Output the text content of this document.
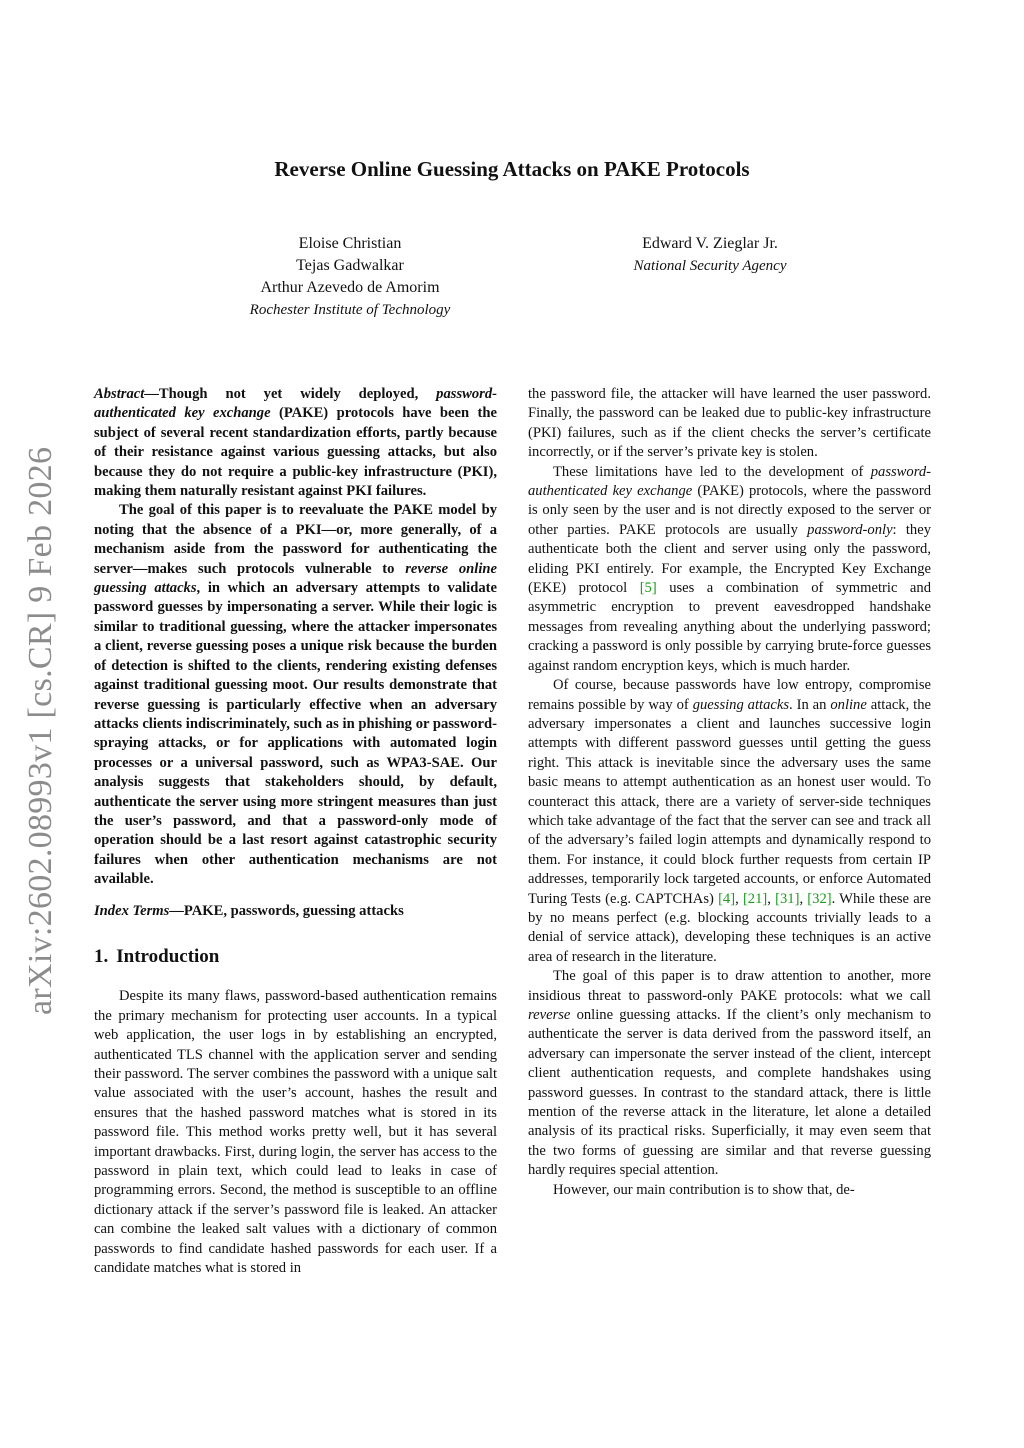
arXiv:2602.08993v1 [cs.CR] 9 Feb 2026
Reverse Online Guessing Attacks on PAKE Protocols
Eloise Christian
Tejas Gadwalkar
Arthur Azevedo de Amorim
Rochester Institute of Technology
Edward V. Zieglar Jr.
National Security Agency

Abstract—Though not yet widely deployed, password-authenticated key exchange (PAKE) protocols have been the subject of several recent standardization efforts, partly because of their resistance against various guessing attacks, but also because they do not require a public-key infrastructure (PKI), making them naturally resistant against PKI failures.

The goal of this paper is to reevaluate the PAKE model by noting that the absence of a PKI—or, more generally, of a mechanism aside from the password for authenticating the server—makes such protocols vulnerable to reverse online guessing attacks, in which an adversary attempts to validate password guesses by impersonating a server. While their logic is similar to traditional guessing, where the attacker impersonates a client, reverse guessing poses a unique risk because the burden of detection is shifted to the clients, rendering existing defenses against traditional guessing moot. Our results demonstrate that reverse guessing is particularly effective when an adversary attacks clients indiscriminately, such as in phishing or password-spraying attacks, or for applications with automated login processes or a universal password, such as WPA3-SAE. Our analysis suggests that stakeholders should, by default, authenticate the server using more stringent measures than just the user’s password, and that a password-only mode of operation should be a last resort against catastrophic security failures when other authentication mechanisms are not available.

Index Terms—PAKE, passwords, guessing attacks

1. Introduction

Despite its many flaws, password-based authentication remains the primary mechanism for protecting user accounts. In a typical web application, the user logs in by establishing an encrypted, authenticated TLS channel with the application server and sending their password. The server combines the password with a unique salt value associated with the user’s account, hashes the result and ensures that the hashed password matches what is stored in its password file. This method works pretty well, but it has several important drawbacks. First, during login, the server has access to the password in plain text, which could lead to leaks in case of programming errors. Second, the method is susceptible to an offline dictionary attack if the server’s password file is leaked. An attacker can combine the leaked salt values with a dictionary of common passwords to find candidate hashed passwords for each user. If a candidate matches what is stored in

the password file, the attacker will have learned the user password. Finally, the password can be leaked due to public-key infrastructure (PKI) failures, such as if the client checks the server’s certificate incorrectly, or if the server’s private key is stolen.

These limitations have led to the development of password-authenticated key exchange (PAKE) protocols, where the password is only seen by the user and is not directly exposed to the server or other parties. PAKE protocols are usually password-only: they authenticate both the client and server using only the password, eliding PKI entirely. For example, the Encrypted Key Exchange (EKE) protocol [5] uses a combination of symmetric and asymmetric encryption to prevent eavesdropped handshake messages from revealing anything about the underlying password; cracking a password is only possible by carrying brute-force guesses against random encryption keys, which is much harder.

Of course, because passwords have low entropy, compromise remains possible by way of guessing attacks. In an online attack, the adversary impersonates a client and launches successive login attempts with different password guesses until getting the guess right. This attack is inevitable since the adversary uses the same basic means to attempt authentication as an honest user would. To counteract this attack, there are a variety of server-side techniques which take advantage of the fact that the server can see and track all of the adversary’s failed login attempts and dynamically respond to them. For instance, it could block further requests from certain IP addresses, temporarily lock targeted accounts, or enforce Automated Turing Tests (e.g. CAPTCHAs) [4], [21], [31], [32]. While these are by no means perfect (e.g. blocking accounts trivially leads to a denial of service attack), developing these techniques is an active area of research in the literature.

The goal of this paper is to draw attention to another, more insidious threat to password-only PAKE protocols: what we call reverse online guessing attacks. If the client’s only mechanism to authenticate the server is data derived from the password itself, an adversary can impersonate the server instead of the client, intercept client authentication requests, and complete handshakes using password guesses. In contrast to the standard attack, there is little mention of the reverse attack in the literature, let alone a detailed analysis of its practical risks. Superficially, it may even seem that the two forms of guessing are similar and that reverse guessing hardly requires special attention.

However, our main contribution is to show that, de-
